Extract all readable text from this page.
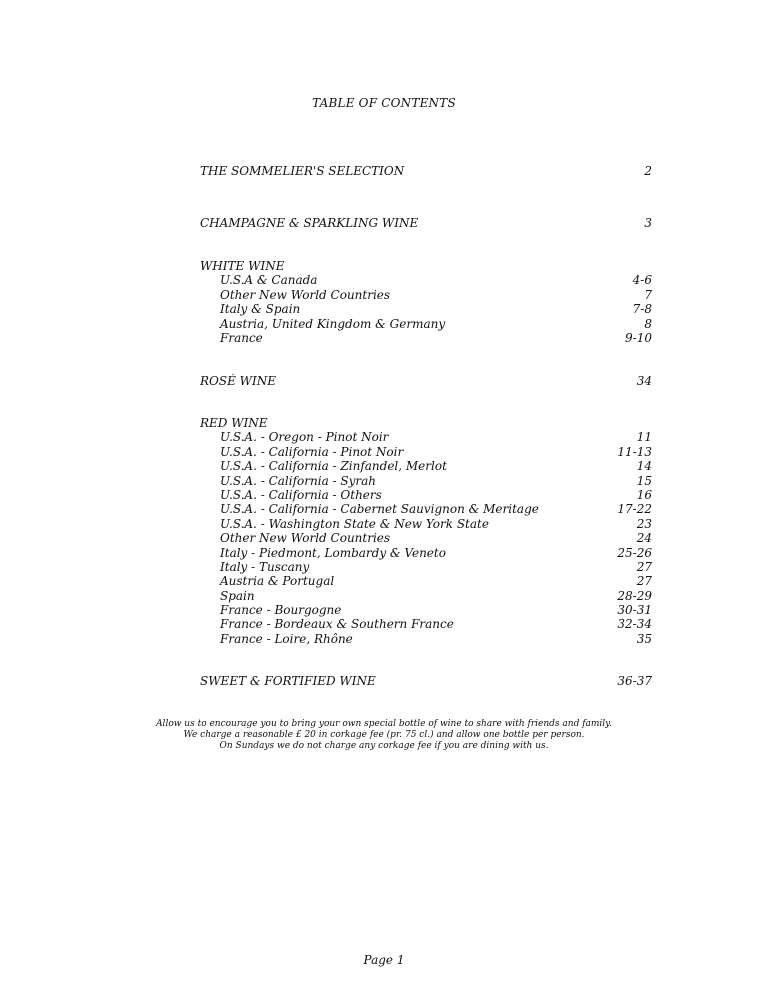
TABLE OF CONTENTS
THE SOMMELIER'S SELECTION	2
CHAMPAGNE & SPARKLING WINE	3
WHITE WINE
U.S.A & Canada	4-6
Other New World Countries	7
Italy & Spain	7-8
Austria, United Kingdom & Germany	8
France	9-10
ROSÉ WINE	34
RED WINE
U.S.A. - Oregon - Pinot Noir	11
U.S.A. - California - Pinot Noir	11-13
U.S.A. - California - Zinfandel, Merlot	14
U.S.A. - California - Syrah	15
U.S.A. - California - Others	16
U.S.A. - California - Cabernet Sauvignon & Meritage	17-22
U.S.A. - Washington State & New York State	23
Other New World Countries	24
Italy - Piedmont, Lombardy & Veneto	25-26
Italy - Tuscany	27
Austria & Portugal	27
Spain	28-29
France - Bourgogne	30-31
France - Bordeaux & Southern France	32-34
France - Loire, Rhône	35
SWEET & FORTIFIED WINE	36-37
Allow us to encourage you to bring your own special bottle of wine to share with friends and family.
We charge a reasonable £ 20 in corkage fee (pr. 75 cl.) and allow one bottle per person.
On Sundays we do not charge any corkage fee if you are dining with us.
Page 1
